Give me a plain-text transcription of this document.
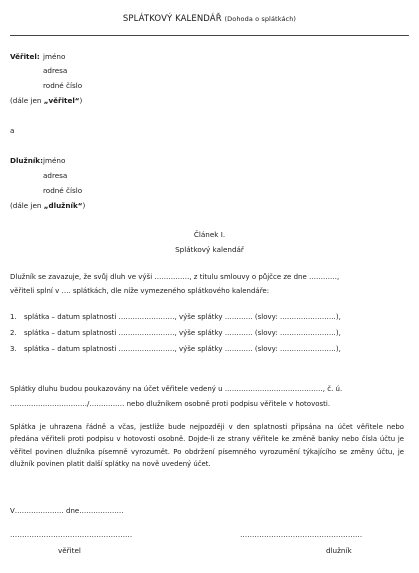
SPLÁTKOVÝ KALENDÁŘ (Dohoda o splátkách)
Věřitel: jméno
adresa
rodné číslo
(dále jen „věřitel“)
a
Dlužník: jméno
adresa
rodné číslo
(dále jen „dlužník“)
Článek I.
Splátkový kalendář
Dlužník se zavazuje, že svůj dluh ve výši ……………, z titulu smlouvy o půjčce ze dne …………,
věřiteli splní v …. splátkách, dle níže vymezeného splátkového kalendáře:
1. splátka – datum splatnosti ……………………, výše splátky ………… (slovy: ……………………),
2. splátka – datum splatnosti ……………………, výše splátky ………… (slovy: ……………………),
3. splátka – datum splatnosti ……………………, výše splátky ………… (slovy: ……………………),
Splátky dluhu budou poukazovány na účet věřitele vedený u ……………………………………, č. ú.
……………………………/…………… nebo dlužníkem osobně proti podpisu věřitele v hotovosti.
Splátka je uhrazena řádně a včas, jestliže bude nejpozději v den splatnosti připsána na účet věřitele nebo předána věřiteli proti podpisu v hotovosti osobně. Dojde-li ze strany věřitele ke změně banky nebo čísla účtu je věřitel povinen dlužníka písemně vyrozumět. Po obdržení písemného vyrozumění týkajícího se změny účtu, je dlužník povinen platit další splátky na nově uvedený účet.
V………………… dne……………….
……………………………………………	……………………………………………
věřitel	dlužník
